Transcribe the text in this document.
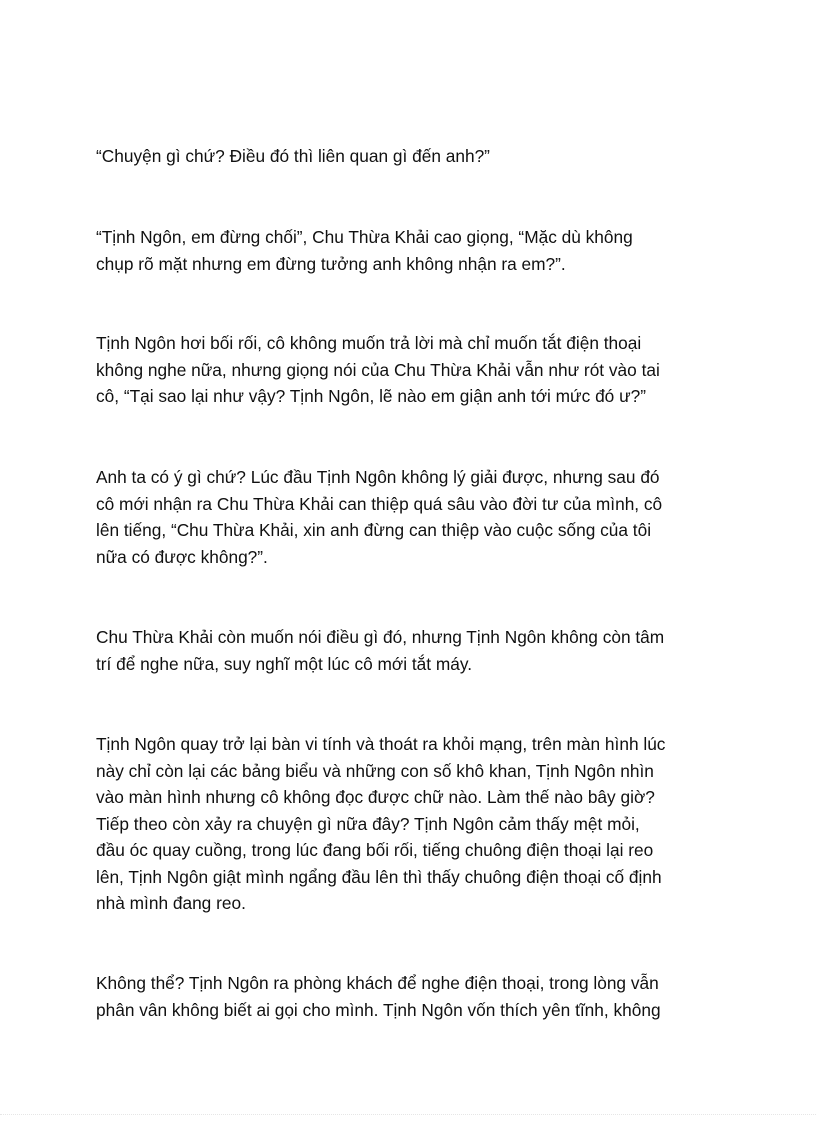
“Chuyện gì chứ? Điều đó thì liên quan gì đến anh?”
“Tịnh Ngôn, em đừng chối”, Chu Thừa Khải cao giọng, “Mặc dù không
chụp rõ mặt nhưng em đừng tưởng anh không nhận ra em?”.
Tịnh Ngôn hơi bối rối, cô không muốn trả lời mà chỉ muốn tắt điện thoại
không nghe nữa, nhưng giọng nói của Chu Thừa Khải vẫn như rót vào tai
cô, “Tại sao lại như vậy? Tịnh Ngôn, lẽ nào em giận anh tới mức đó ư?”
Anh ta có ý gì chứ? Lúc đầu Tịnh Ngôn không lý giải được, nhưng sau đó
cô mới nhận ra Chu Thừa Khải can thiệp quá sâu vào đời tư của mình, cô
lên tiếng, “Chu Thừa Khải, xin anh đừng can thiệp vào cuộc sống của tôi
nữa có được không?”.
Chu Thừa Khải còn muốn nói điều gì đó, nhưng Tịnh Ngôn không còn tâm
trí để nghe nữa, suy nghĩ một lúc cô mới tắt máy.
Tịnh Ngôn quay trở lại bàn vi tính và thoát ra khỏi mạng, trên màn hình lúc
này chỉ còn lại các bảng biểu và những con số khô khan, Tịnh Ngôn nhìn
vào màn hình nhưng cô không đọc được chữ nào. Làm thế nào bây giờ?
Tiếp theo còn xảy ra chuyện gì nữa đây? Tịnh Ngôn cảm thấy mệt mỏi,
đầu óc quay cuồng, trong lúc đang bối rối, tiếng chuông điện thoại lại reo
lên, Tịnh Ngôn giật mình ngẩng đầu lên thì thấy chuông điện thoại cố định
nhà mình đang reo.
Không thể? Tịnh Ngôn ra phòng khách để nghe điện thoại, trong lòng vẫn
phân vân không biết ai gọi cho mình. Tịnh Ngôn vốn thích yên tĩnh, không
